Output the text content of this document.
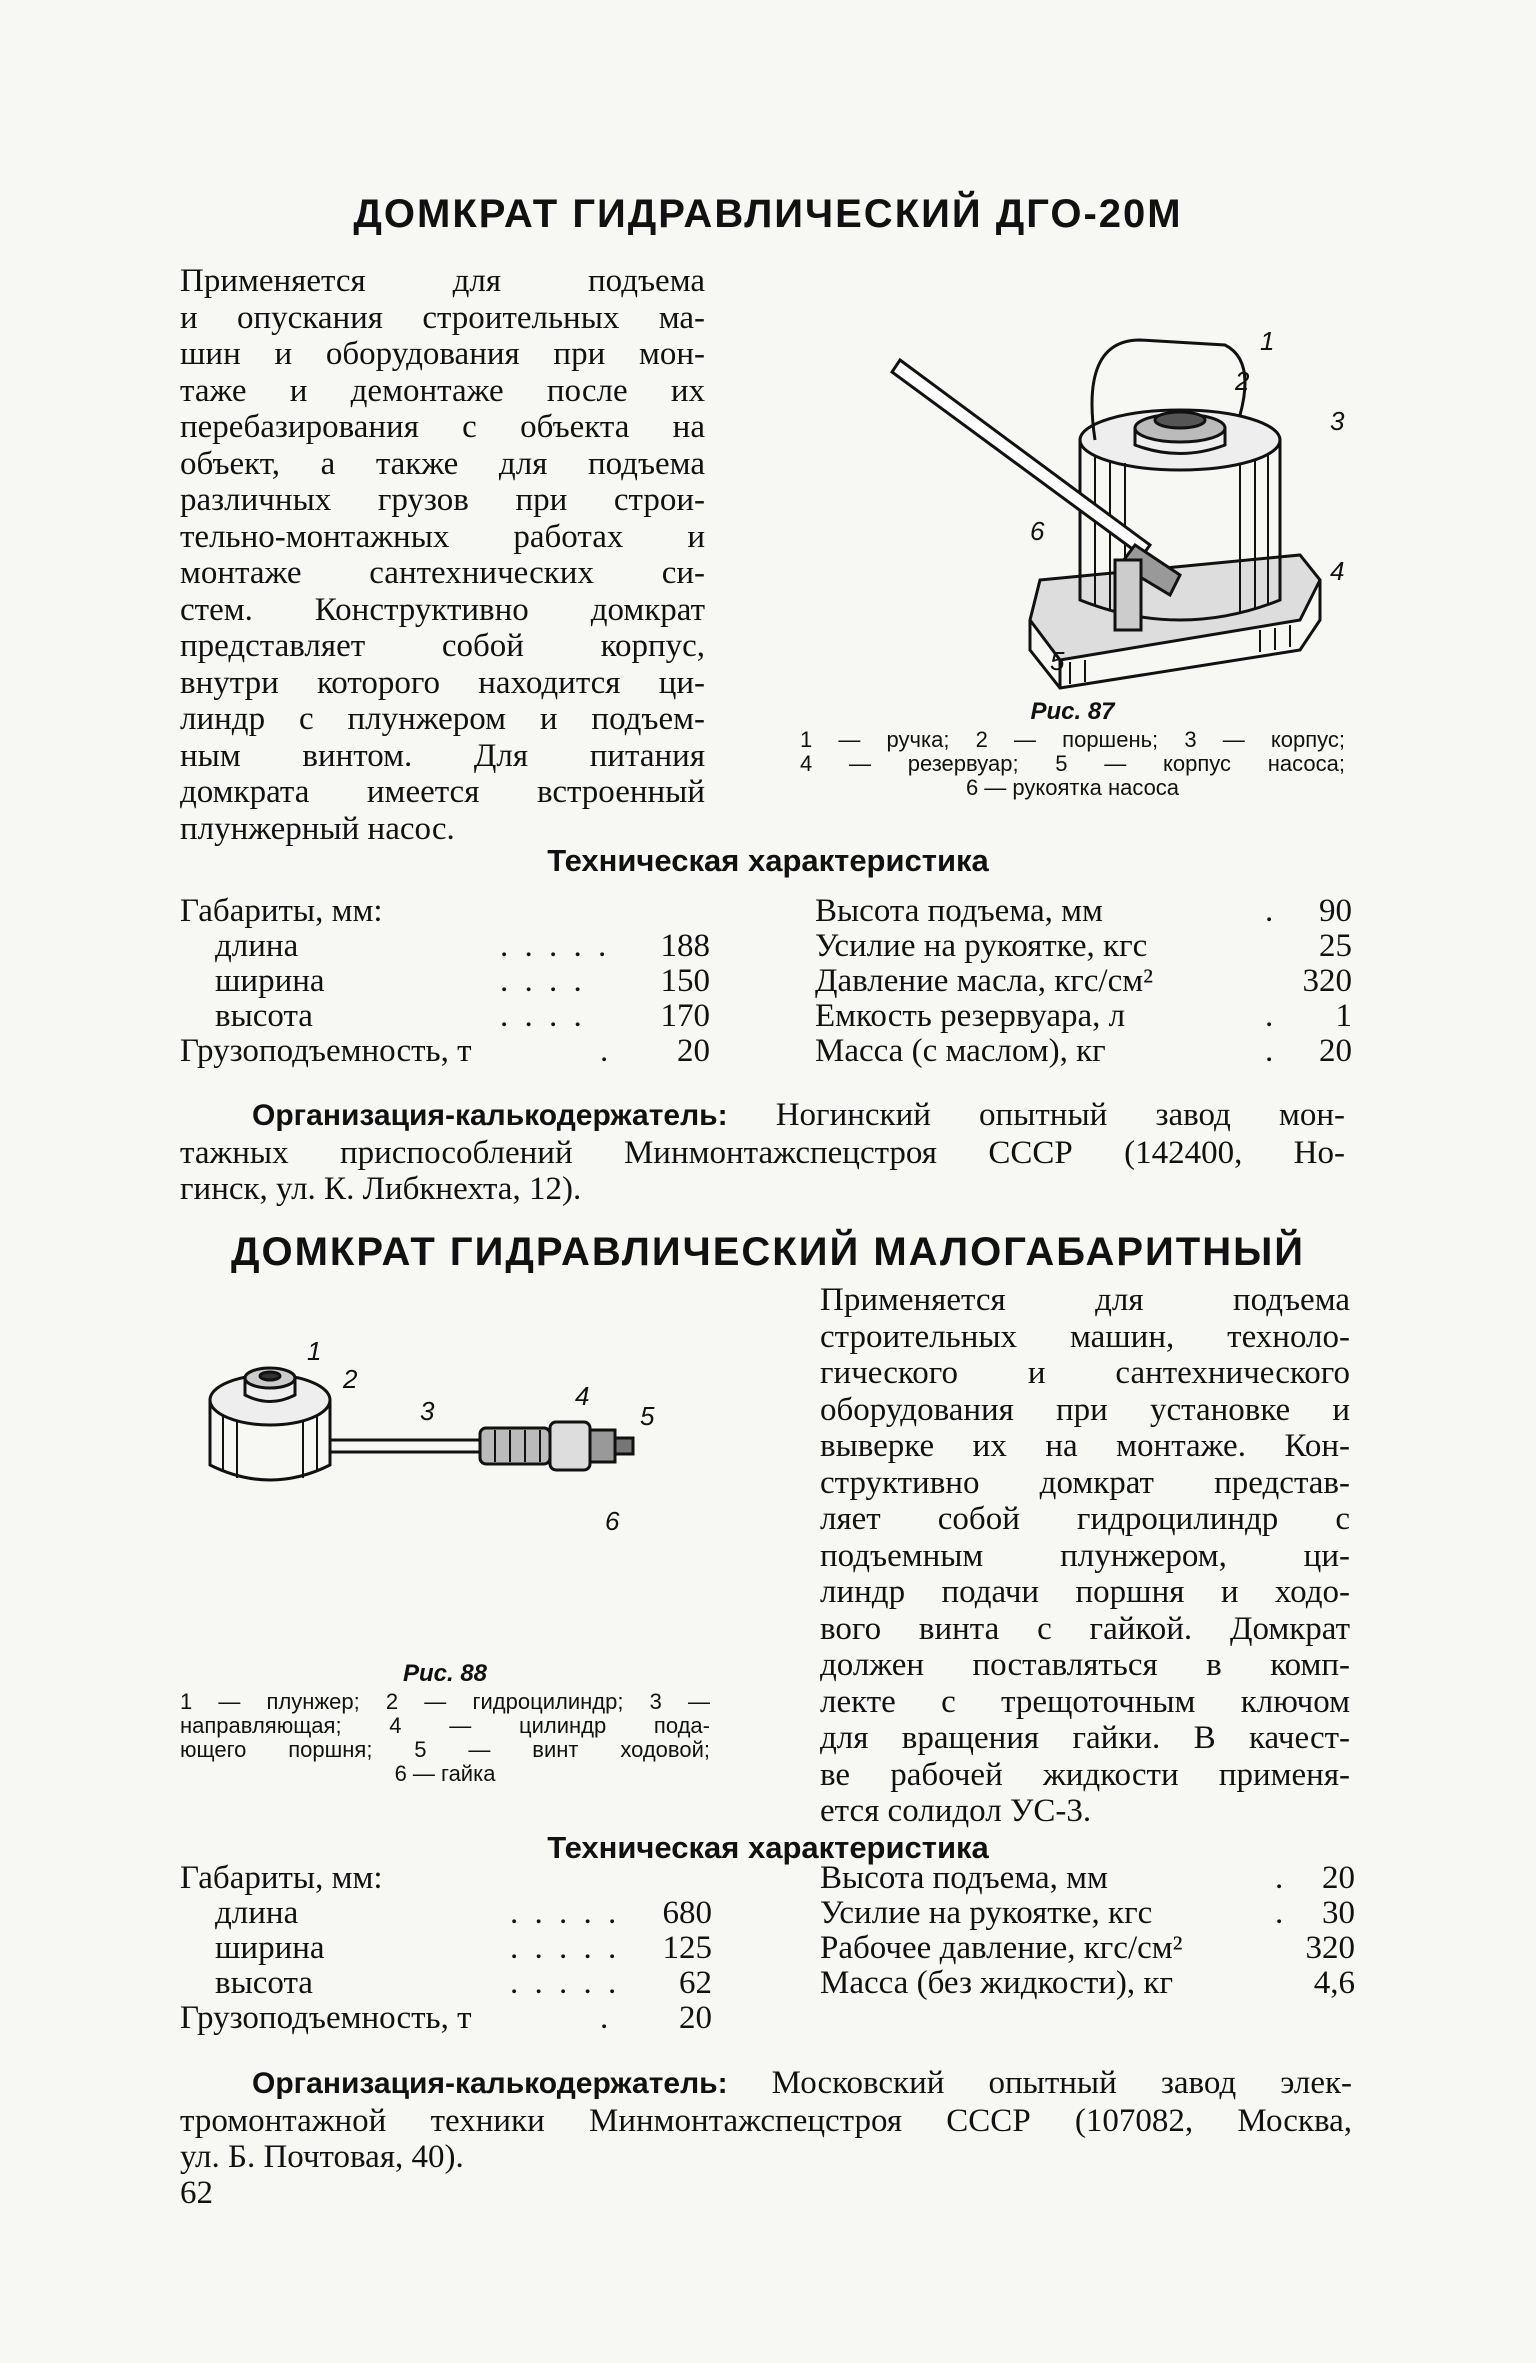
ДОМКРАТ ГИДРАВЛИЧЕСКИЙ ДГО-20М
Применяется для подъема
и опускания строительных ма-
шин и оборудования при мон-
таже и демонтаже после их
перебазирования с объекта на
объект, а также для подъема
различных грузов при строи-
тельно-монтажных работах и
монтаже сантехнических си-
стем. Конструктивно домкрат
представляет собой корпус,
внутри которого находится ци-
линдр с плунжером и подъем-
ным винтом. Для питания
домкрата имеется встроенный
плунжерный насос.
1
2
3
4
5
6
Рис. 87
1 — ручка; 2 — поршень; 3 — корпус;
4 — резервуар; 5 — корпус насоса;
6 — рукоятка насоса
Техническая характеристика
Габариты, мм:
длина	. . . . . 188
ширина	. . . . 150
высота	. . . . 170
Грузоподъемность, т	. 20
Высота подъема, мм	. 90
Усилие на рукоятке, кгс	25
Давление масла, кгс/см²	320
Емкость резервуара, л	. 1
Масса (с маслом), кг	. 20
Организация-калькодержатель: Ногинский опытный завод мон-
тажных приспособлений Минмонтажспецстроя СССР (142400, Но-
гинск, ул. К. Либкнехта, 12).
ДОМКРАТ ГИДРАВЛИЧЕСКИЙ МАЛОГАБАРИТНЫЙ
1
2
3	4
5
6
Рис. 88
1 — плунжер; 2 — гидроцилиндр; 3 —
направляющая; 4 — цилиндр пода-
ющего поршня; 5 — винт ходовой;
6 — гайка
Применяется для подъема
строительных машин, техноло-
гического и сантехнического
оборудования при установке и
выверке их на монтаже. Кон-
структивно домкрат представ-
ляет собой гидроцилиндр с
подъемным плунжером, ци-
линдр подачи поршня и ходо-
вого винта с гайкой. Домкрат
должен поставляться в комп-
лекте с трещоточным ключом
для вращения гайки. В качест-
ве рабочей жидкости применя-
ется солидол УС-3.
Техническая характеристика
Габариты, мм:
длина	. . . . . 680
ширина	. . . . . 125
высота	. . . . . 62
Грузоподъемность, т	. 20
Высота подъема, мм	. 20
Усилие на рукоятке, кгс	. 30
Рабочее давление, кгс/см²	320
Масса (без жидкости), кг	4,6
Организация-калькодержатель: Московский опытный завод элек-
тромонтажной техники Минмонтажспецстроя СССР (107082, Москва,
ул. Б. Почтовая, 40).
62
